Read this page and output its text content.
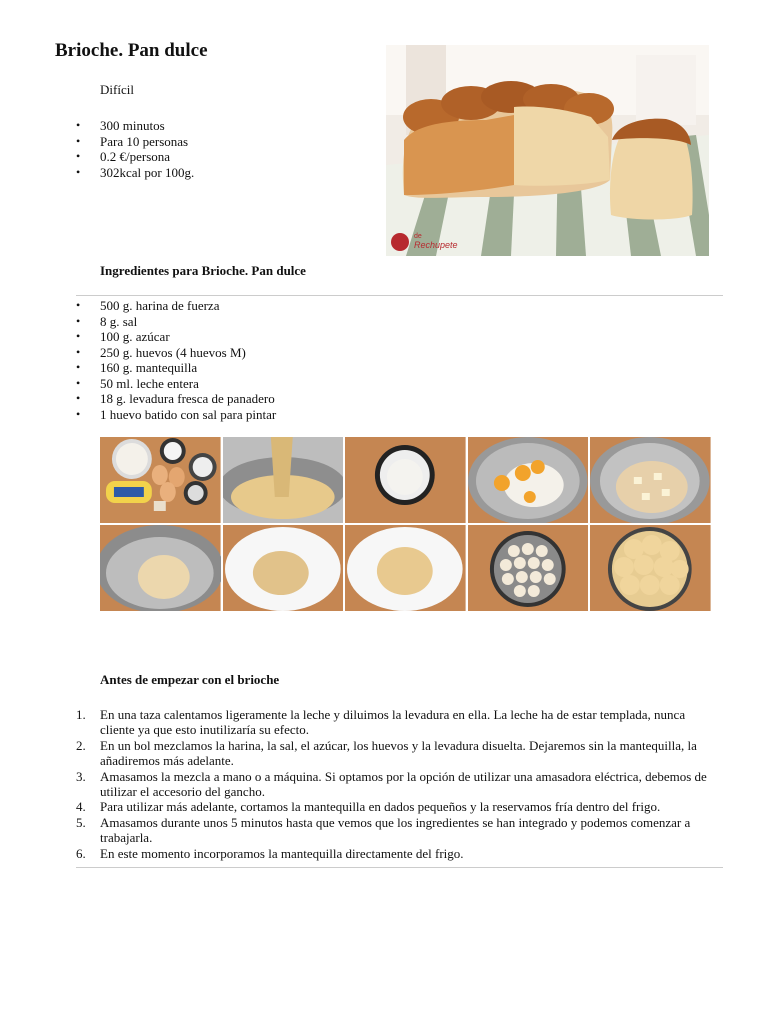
Brioche. Pan dulce
Difícil
• 300 minutos
• Para 10 personas
• 0.2 €/persona
• 302kcal por 100g.
de
Rechupete
Ingredientes para Brioche. Pan dulce
• 500 g. harina de fuerza
• 8 g. sal
• 100 g. azúcar
• 250 g. huevos (4 huevos M)
• 160 g. mantequilla
• 50 ml. leche entera
• 18 g. levadura fresca de panadero
• 1 huevo batido con sal para pintar
Antes de empezar con el brioche
1. En una taza calentamos ligeramente la leche y diluimos la levadura en ella. La leche ha de estar templada, nunca cliente ya que esto inutilizaría su efecto.
2. En un bol mezclamos la harina, la sal, el azúcar, los huevos y la levadura disuelta. Dejaremos sin la mantequilla, la añadiremos más adelante.
3. Amasamos la mezcla a mano o a máquina. Si optamos por la opción de utilizar una amasadora eléctrica, debemos de utilizar el accesorio del gancho.
4. Para utilizar más adelante, cortamos la mantequilla en dados pequeños y la reservamos fría dentro del frigo.
5. Amasamos durante unos 5 minutos hasta que vemos que los ingredientes se han integrado y podemos comenzar a trabajarla.
6. En este momento incorporamos la mantequilla directamente del frigo.
